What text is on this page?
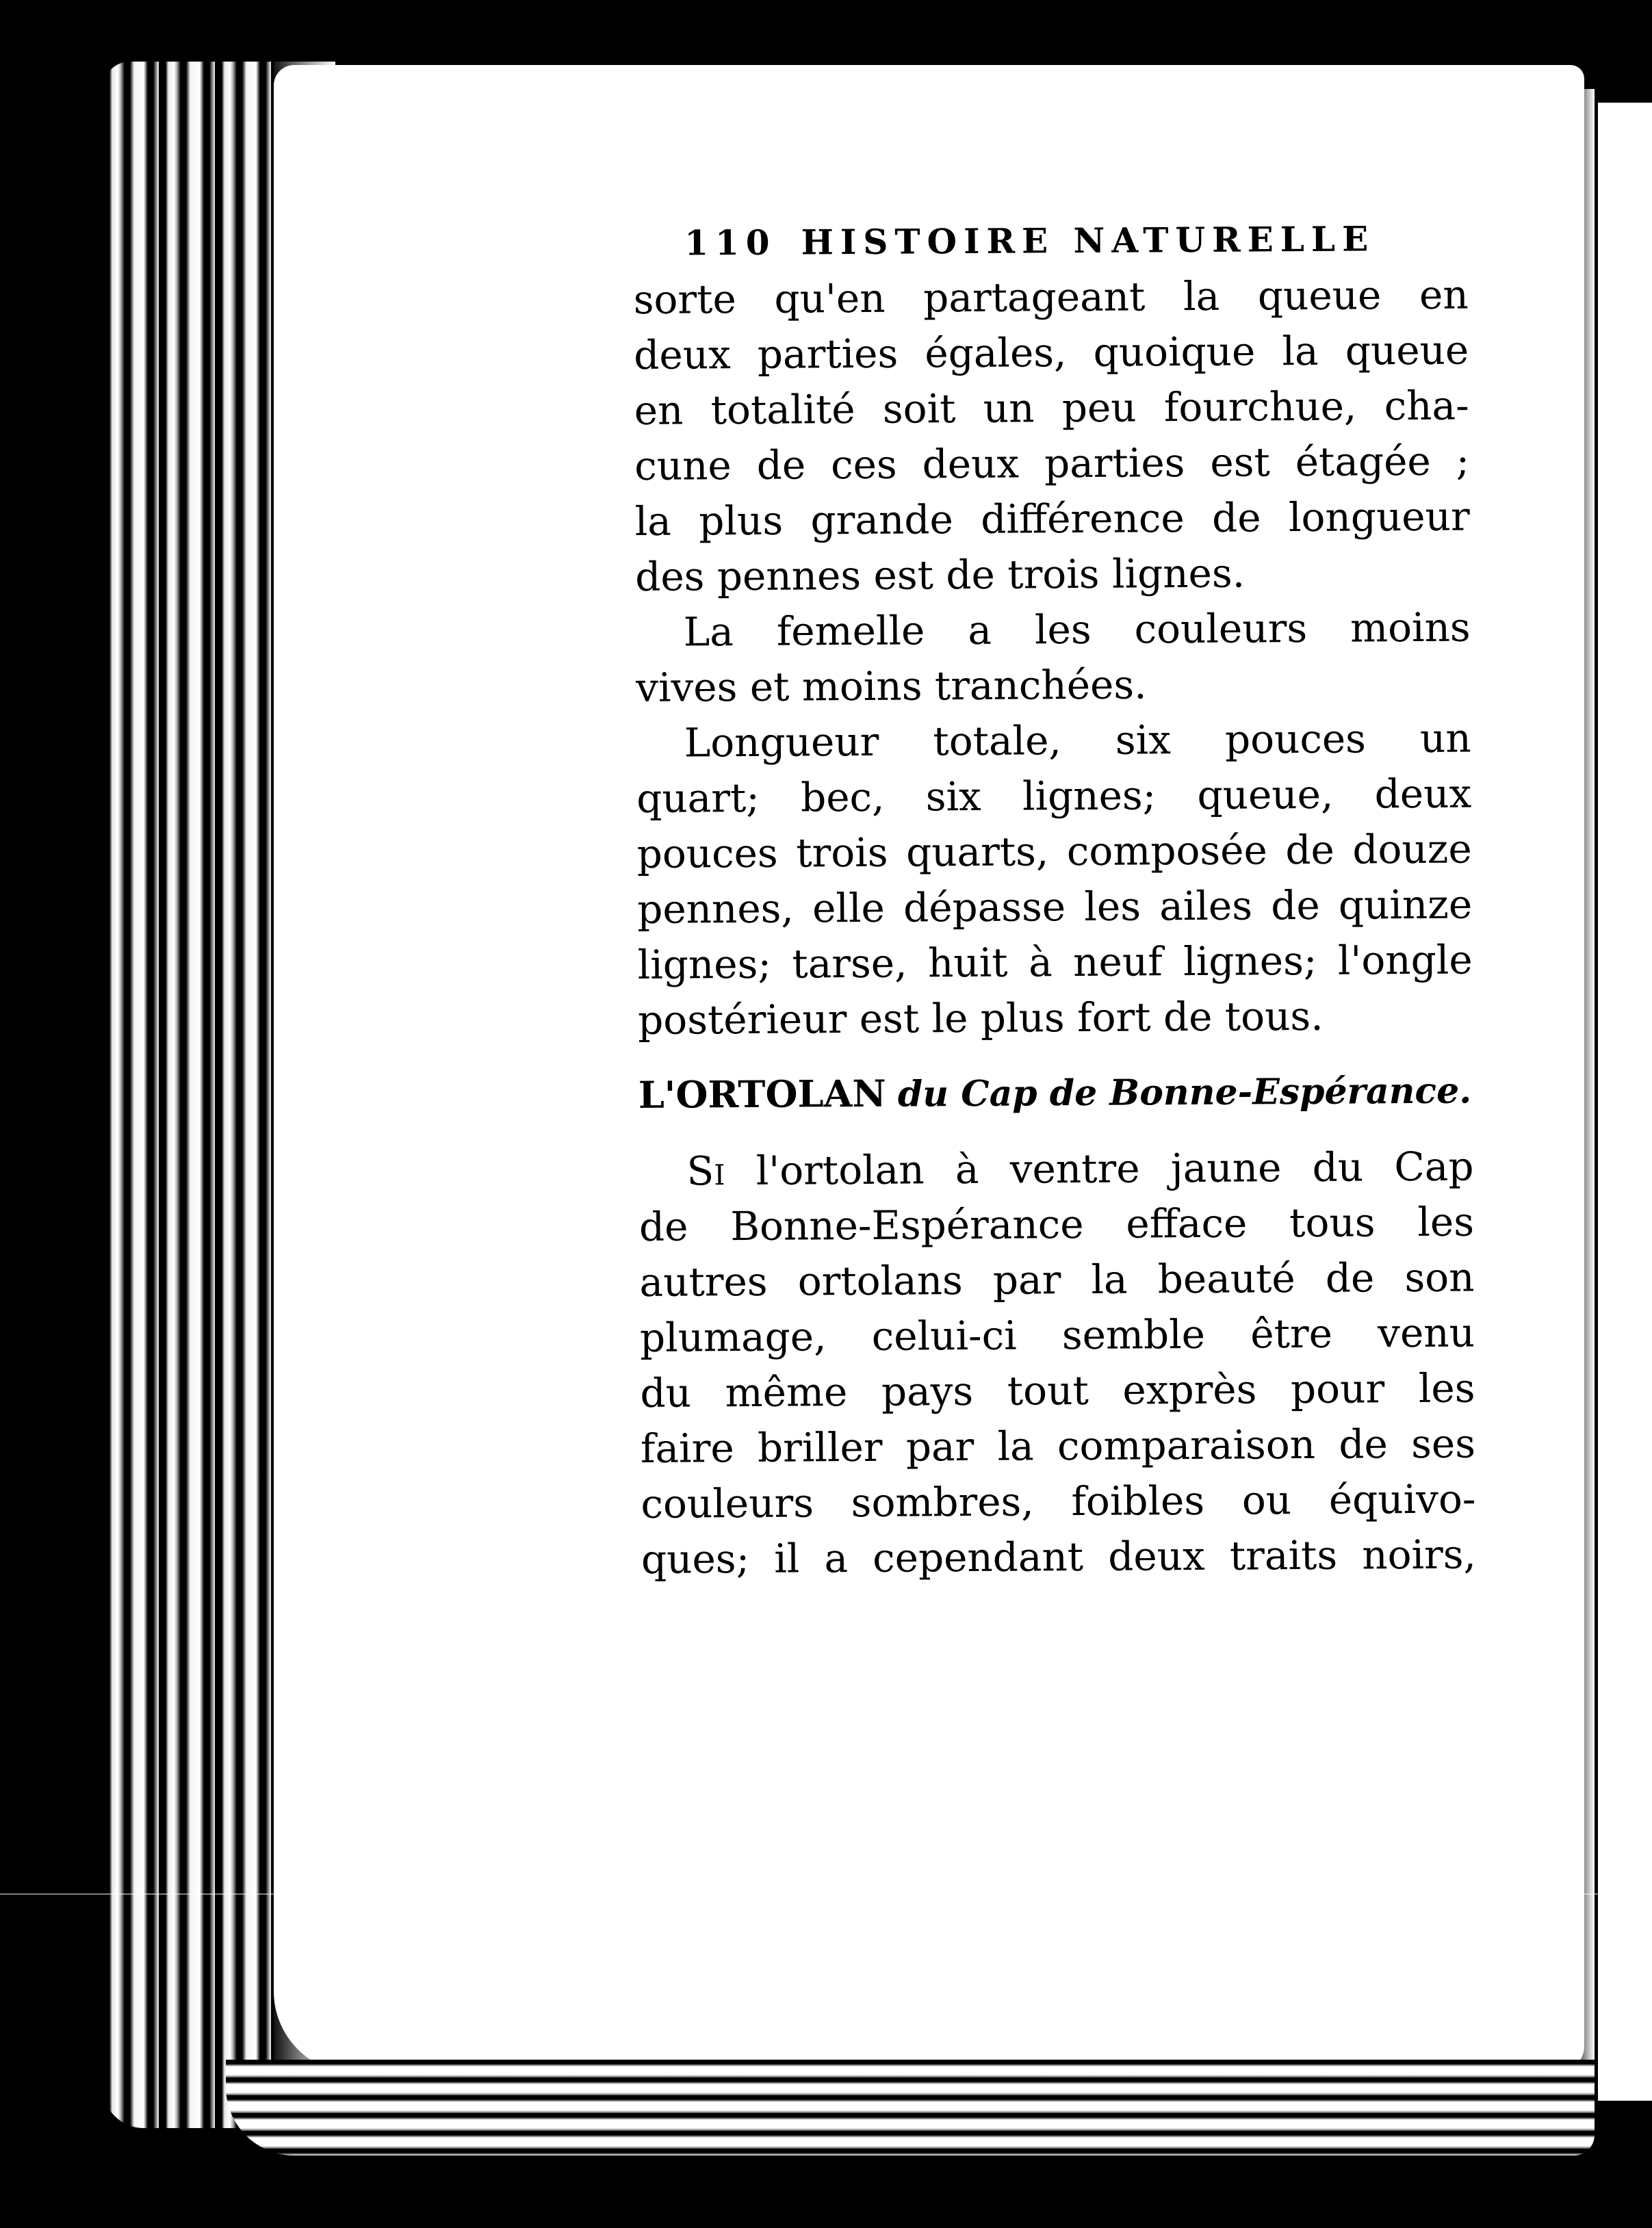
110 HISTOIRE NATURELLE
sorte qu'en partageant la queue en
deux parties égales, quoique la queue
en totalité soit un peu fourchue, cha-
cune de ces deux parties est étagée ;
la plus grande différence de longueur
des pennes est de trois lignes.
La femelle a les couleurs moins
vives et moins tranchées.
Longueur totale, six pouces un
quart; bec, six lignes; queue, deux
pouces trois quarts, composée de douze
pennes, elle dépasse les ailes de quinze
lignes; tarse, huit à neuf lignes; l'ongle
postérieur est le plus fort de tous.
L'ORTOLAN du Cap de Bonne-Espérance.
Si l'ortolan à ventre jaune du Cap
de Bonne-Espérance efface tous les
autres ortolans par la beauté de son
plumage, celui-ci semble être venu
du même pays tout exprès pour les
faire briller par la comparaison de ses
couleurs sombres, foibles ou équivo-
ques; il a cependant deux traits noirs,
